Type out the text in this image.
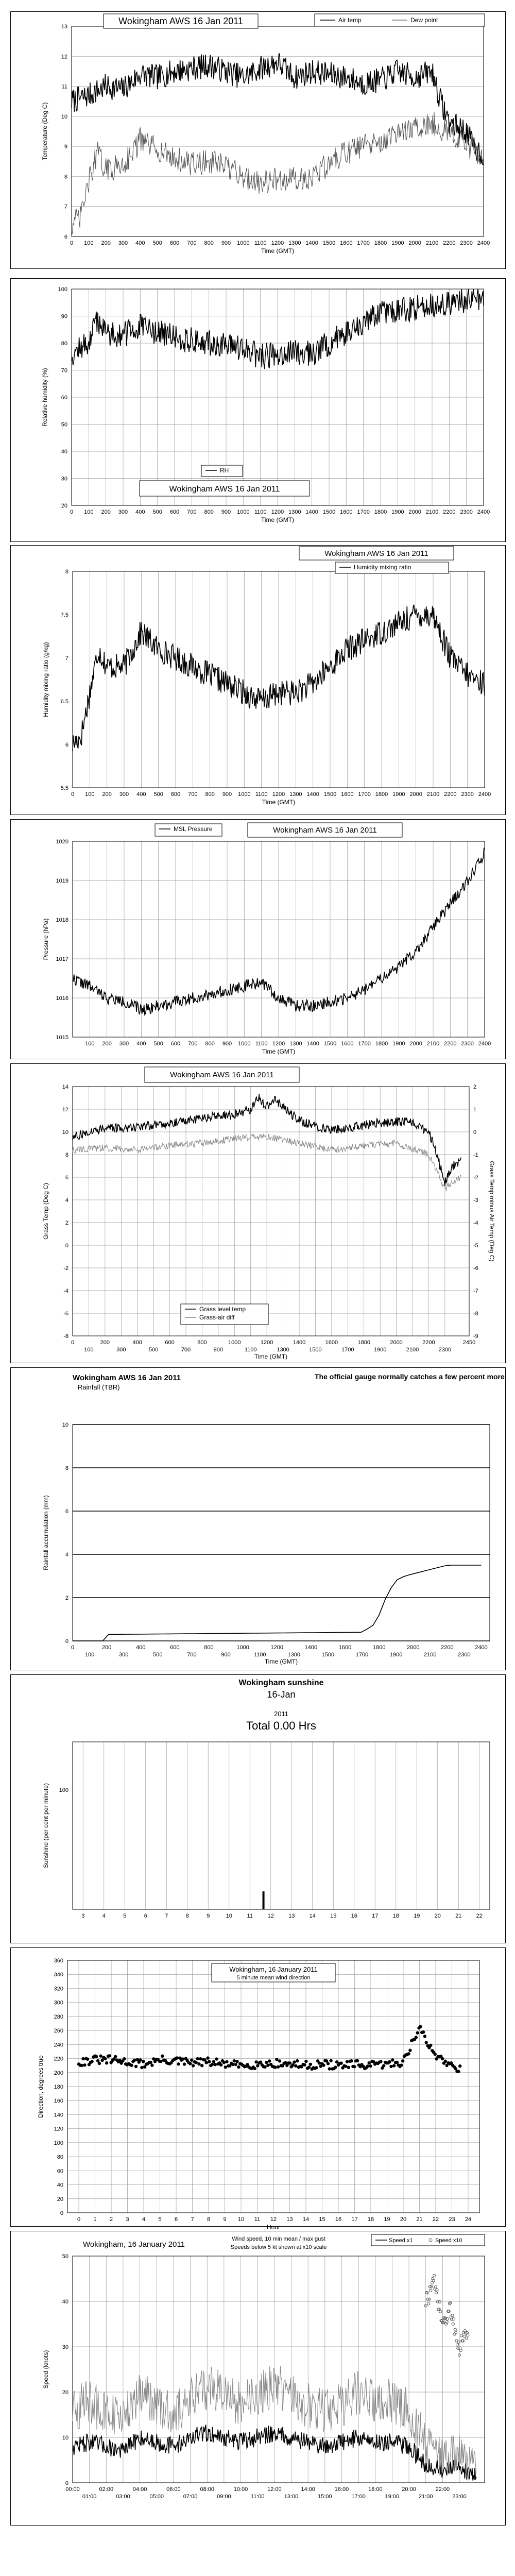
0 100 200 300 400 500 600 700 800 900 1000 1100 1200 1300 1400 1500 1600 1700 1800 1900 2000 2100 2200 2300 2400
6
7
8
9
10
11
12
13
Time (GMT)
Temperature (Deg C)
Wokingham AWS 16 Jan 2011	Air temp	Dew point
0 100 200 300 400 500 600 700 800 900 1000 1100 1200 1300 1400 1500 1600 1700 1800 1900 2000 2100 2200 2300 2400
20
30
40
50
60
70
80
90
100
Time (GMT)
Relative humidity (%)
RH
Wokingham AWS 16 Jan 2011
0 100 200 300 400 500 600 700 800 900 1000 1100 1200 1300 1400 1500 1600 1700 1800 1900 2000 2100 2200 2300 2400
5.5
6
6.5
7
7.5
8
Time (GMT)
Humidity mixing ratio (g/kg)
Wokingham AWS 16 Jan 2011
Humidity mixing ratio
100 200 300 400 500 600 700 800 900 1000 1100 1200 1300 1400 1500 1600 1700 1800 1900 2000 2100 2200 2300 2400
1015
1016
1017
1018
1019
1020
Time (GMT)
Pressure (hPa)
MSL Pressure	Wokingham AWS 16 Jan 2011
0	200	400	600	800	1000	1200	1400	1600	1800	2000	2200	2450
100	300	500	700	900	1100	1300	1500	1700	1900	2100	2300
-8
-6
-4
-2
0
2
4
6
8
10
12
14
-9
-8
-7
-6
-5
-4
-3
-2
-1
0
1
2
Grass Temp minus Air Temp (Deg C)
Time (GMT)
Grass Temp (Deg C)
Wokingham AWS 16 Jan 2011
Grass level temp
Grass-air diff
0	200	400	600	800	1000	1200	1400	1600	1800	2000	2200	2400
100	300	500	700	900	1100	1300	1500	1700	1900	2100	2300
0
2
4
6
8
10
Time (GMT)
Rainfall accumulation (mm)
Wokingham AWS 16 Jan 2011
Rainfall (TBR)
The official gauge normally catches a few percent more
3	4	5	6	7	8	9	10	11	12	13	14	15	16	17	18	19	20	21	22
100
Sunshine (per cent per minute)
Wokingham sunshine
16-Jan
2011
Total 0.00 Hrs
0 1 2 3 4 5 6 7 8 9 10 11 12 13 14 15 16 17 18 19 20 21 22 23 24
0
20
40
60
80
100
120
140
160
180
200
220
240
260
280
300
320
340
360
Hour
Direction, degrees true
Wokingham, 16 January 2011
5 minute mean wind direction
00:00	02:00	04:00	06:00	08:00	10:00	12:00	14:00	16:00	18:00	20:00	22:00
01:00	03:00	05:00	07:00	09:00	11:00	13:00	15:00	17:00	19:00	21:00	23:00
0
10
20
30
40
50
Speed (knots)
Wokingham, 16 January 2011
Wind speed, 10 min mean / max gust
Speeds below 5 kt shown at x10 scale
Speed x1	Speed x10
